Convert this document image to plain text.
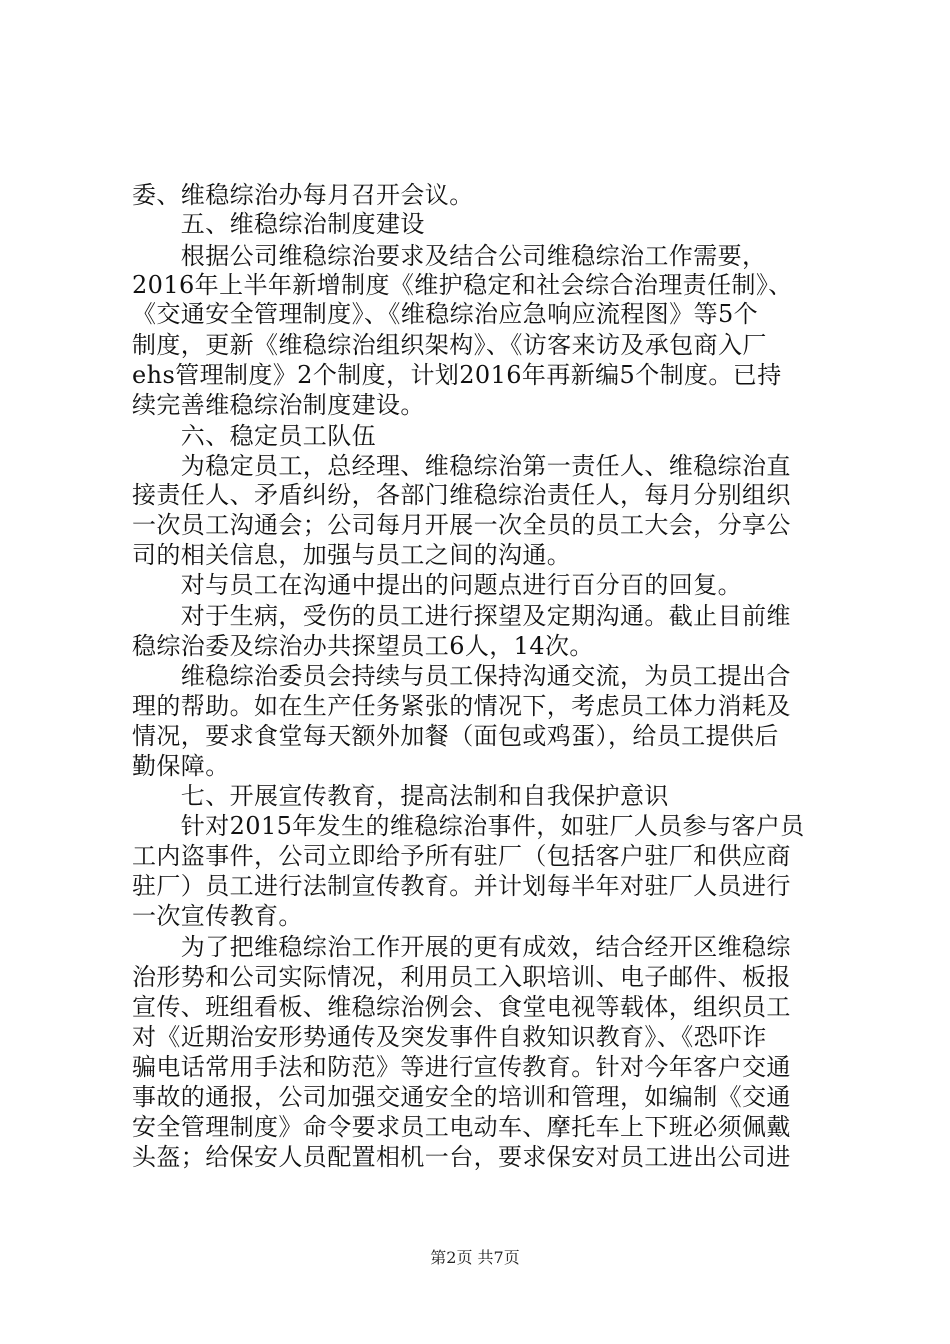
委、维稳综治办每月召开会议。
　　五、维稳综治制度建设
　　根据公司维稳综治要求及结合公司维稳综治工作需要，
2016年上半年新增制度《维护稳定和社会综合治理责任制》、
《交通安全管理制度》、《维稳综治应急响应流程图》等5个
制度，更新《维稳综治组织架构》、《访客来访及承包商入厂
ehs管理制度》2个制度，计划2016年再新编5个制度。已持
续完善维稳综治制度建设。
　　六、稳定员工队伍
　　为稳定员工，总经理、维稳综治第一责任人、维稳综治直
接责任人、矛盾纠纷，各部门维稳综治责任人，每月分别组织
一次员工沟通会；公司每月开展一次全员的员工大会，分享公
司的相关信息，加强与员工之间的沟通。
　　对与员工在沟通中提出的问题点进行百分百的回复。
　　对于生病，受伤的员工进行探望及定期沟通。截止目前维
稳综治委及综治办共探望员工6人，14次。
　　维稳综治委员会持续与员工保持沟通交流，为员工提出合
理的帮助。如在生产任务紧张的情况下，考虑员工体力消耗及
情况，要求食堂每天额外加餐（面包或鸡蛋），给员工提供后
勤保障。
　　七、开展宣传教育，提高法制和自我保护意识
　　针对2015年发生的维稳综治事件，如驻厂人员参与客户员
工内盗事件，公司立即给予所有驻厂（包括客户驻厂和供应商
驻厂）员工进行法制宣传教育。并计划每半年对驻厂人员进行
一次宣传教育。
　　为了把维稳综治工作开展的更有成效，结合经开区维稳综
治形势和公司实际情况，利用员工入职培训、电子邮件、板报
宣传、班组看板、维稳综治例会、食堂电视等载体，组织员工
对《近期治安形势通传及突发事件自救知识教育》、《恐吓诈
骗电话常用手法和防范》等进行宣传教育。针对今年客户交通
事故的通报，公司加强交通安全的培训和管理，如编制《交通
安全管理制度》命令要求员工电动车、摩托车上下班必须佩戴
头盔；给保安人员配置相机一台，要求保安对员工进出公司进
第2页 共7页
